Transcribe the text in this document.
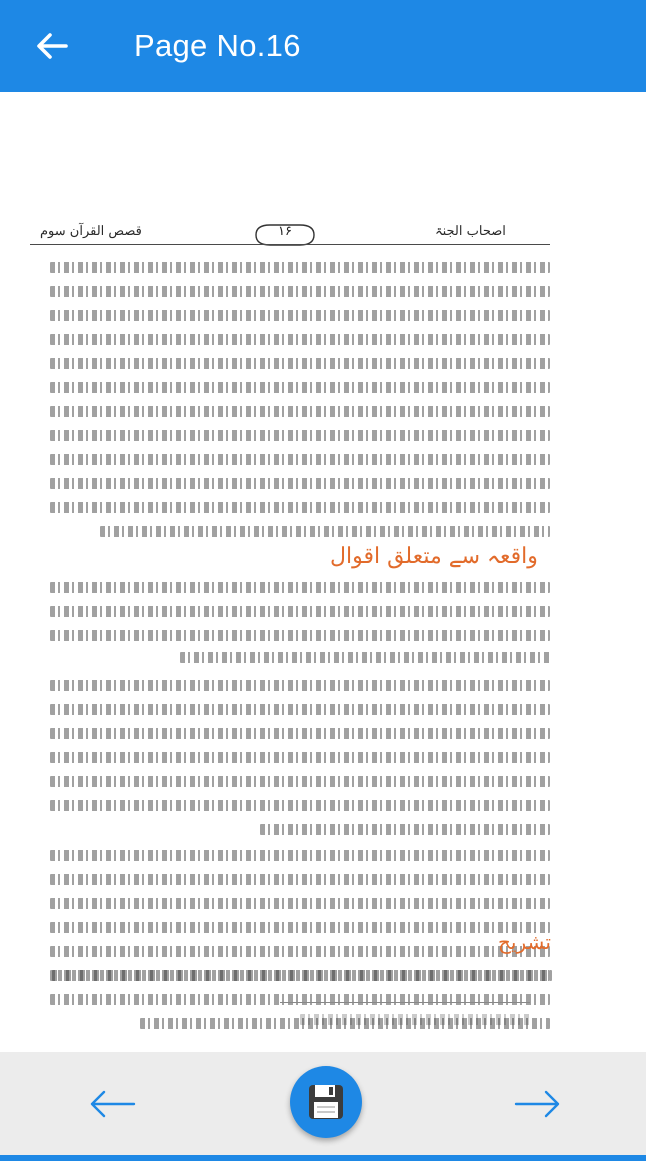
Page No.16
قصص القرآن سوم	اصحاب الجنۃ
۱۶
واقعہ سے متعلق اقوال
تشریح
